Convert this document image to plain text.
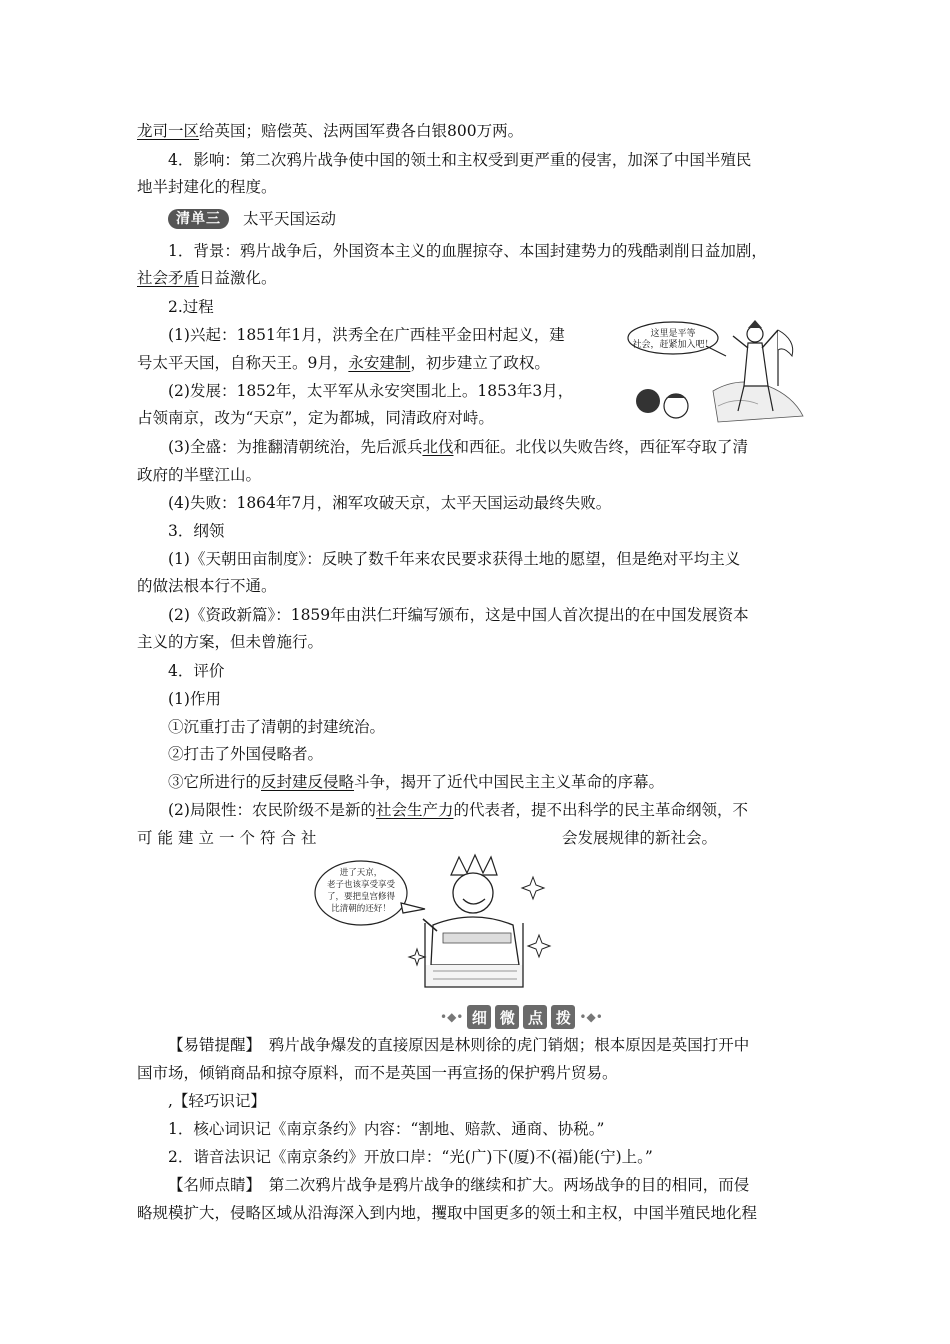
龙司一区给英国；赔偿英、法两国军费各白银800万两。
4．影响：第二次鸦片战争使中国的领土和主权受到更严重的侵害，加深了中国半殖民
地半封建化的程度。
清单三	太平天国运动
1．背景：鸦片战争后，外国资本主义的血腥掠夺、本国封建势力的残酷剥削日益加剧，
社会矛盾日益激化。
2.过程
(1)兴起：1851年1月，洪秀全在广西桂平金田村起义，建
号太平天国，自称天王。9月，永安建制，初步建立了政权。
(2)发展：1852年，太平军从永安突围北上。1853年3月，
占领南京，改为“天京”，定为都城，同清政府对峙。
(3)全盛：为推翻清朝统治，先后派兵北伐和西征。北伐以失败告终，西征军夺取了清
政府的半壁江山。
(4)失败：1864年7月，湘军攻破天京，太平天国运动最终失败。
3．纲领
(1)《天朝田亩制度》：反映了数千年来农民要求获得土地的愿望，但是绝对平均主义
的做法根本行不通。
(2)《资政新篇》：1859年由洪仁玕编写颁布，这是中国人首次提出的在中国发展资本
主义的方案，但未曾施行。
4．评价
(1)作用
①沉重打击了清朝的封建统治。
②打击了外国侵略者。
③它所进行的反封建反侵略斗争，揭开了近代中国民主主义革命的序幕。
(2)局限性：农民阶级不是新的社会生产力的代表者，提不出科学的民主革命纲领，不
可能建立一个符合社	会发展规律的新社会。
这里是平等
社会，赶紧加入吧！
进了天京，
老子也该享受享受
了，要把皇宫修得
比清朝的还好！
•◆• 细 微 点 拨 •◆•
【易错提醒】　鸦片战争爆发的直接原因是林则徐的虎门销烟；根本原因是英国打开中
国市场，倾销商品和掠夺原料，而不是英国一再宣扬的保护鸦片贸易。
,【轻巧识记】
1．核心词识记《南京条约》内容：“割地、赔款、通商、协税。”
2．谐音法识记《南京条约》开放口岸：“光(广)下(厦)不(福)能(宁)上。”
【名师点睛】　第二次鸦片战争是鸦片战争的继续和扩大。两场战争的目的相同，而侵
略规模扩大，侵略区域从沿海深入到内地，攫取中国更多的领土和主权，中国半殖民地化程
